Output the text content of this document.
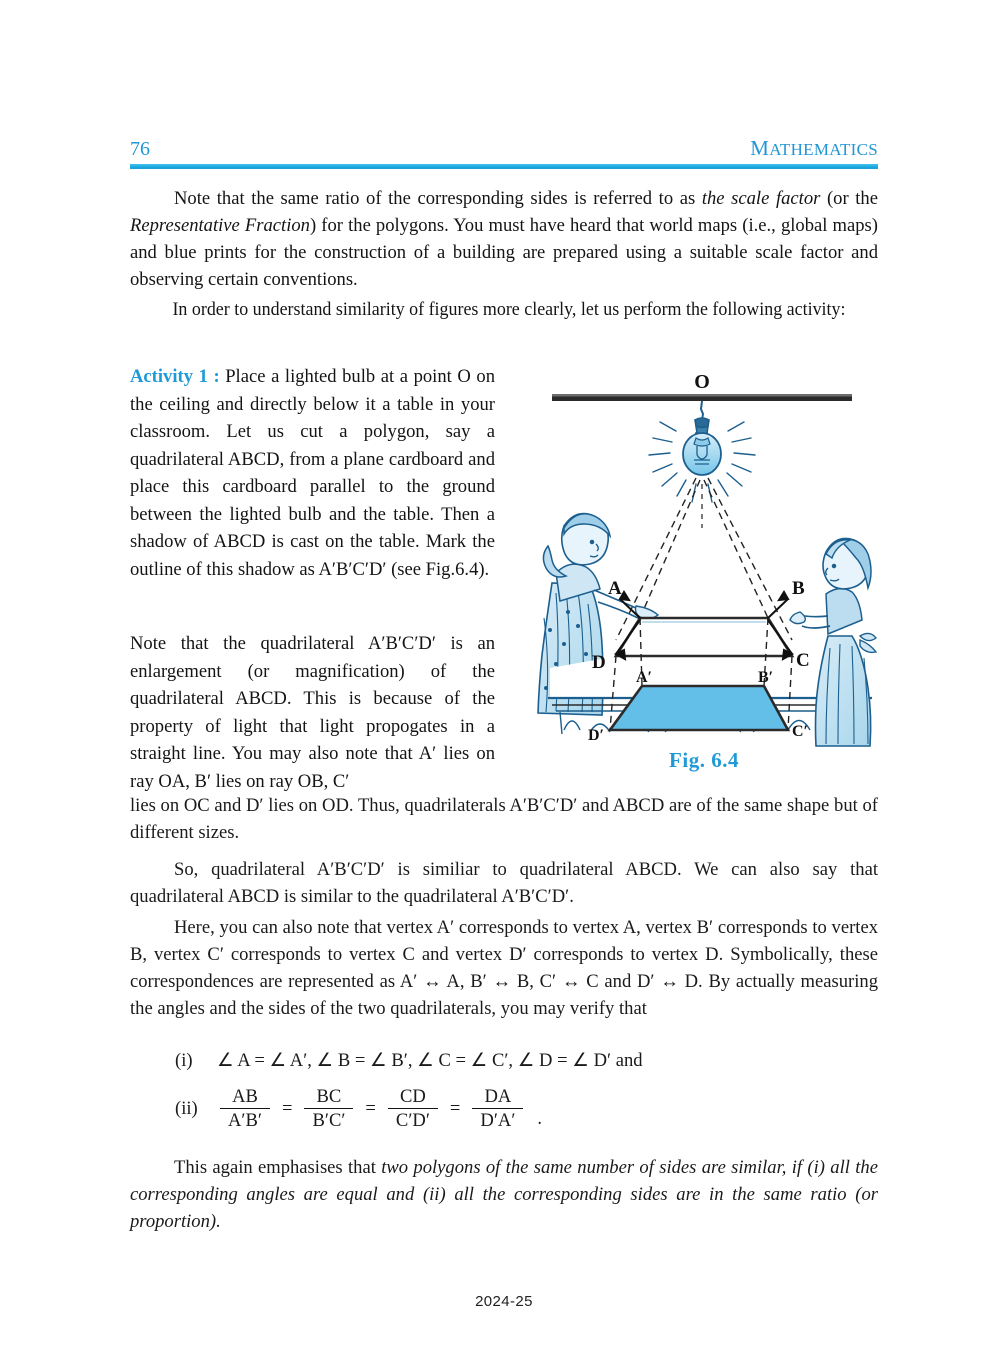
76	MATHEMATICS
Note that the same ratio of the corresponding sides is referred to as the scale factor (or the Representative Fraction) for the polygons. You must have heard that world maps (i.e., global maps) and blue prints for the construction of a building are prepared using a suitable scale factor and observing certain conventions.
In order to understand similarity of figures more clearly, let us perform the following activity:
Activity 1 : Place a lighted bulb at a point O on the ceiling and directly below it a table in your classroom. Let us cut a polygon, say a quadrilateral ABCD, from a plane cardboard and place this cardboard parallel to the ground between the lighted bulb and the table. Then a shadow of ABCD is cast on the table. Mark the outline of this shadow as A′B′C′D′ (see Fig.6.4).
Note that the quadrilateral A′B′C′D′ is an enlargement (or magnification) of the quadrilateral ABCD. This is because of the property of light that light propogates in a straight line. You may also note that A′ lies on ray OA, B′ lies on ray OB, C′
O
A	B
C
D
A′	B′
C′
D′
Fig. 6.4
lies on OC and D′ lies on OD. Thus, quadrilaterals A′B′C′D′ and ABCD are of the same shape but of different sizes.
So, quadrilateral A′B′C′D′ is similiar to quadrilateral ABCD. We can also say that quadrilateral ABCD is similar to the quadrilateral A′B′C′D′.
Here, you can also note that vertex A′ corresponds to vertex A, vertex B′ corresponds to vertex B, vertex C′ corresponds to vertex C and vertex D′ corresponds to vertex D. Symbolically, these correspondences are represented as A′ ↔ A, B′ ↔ B, C′ ↔ C and D′ ↔ D. By actually measuring the angles and the sides of the two quadrilaterals, you may verify that
(i)	∠ A = ∠ A′, ∠ B = ∠ B′, ∠ C = ∠ C′, ∠ D = ∠ D′ and
(ii)	$\frac{AB}{A'B'} = \frac{BC}{B'C'} = \frac{CD}{C'D'} = \frac{DA}{D'A'}$ .
This again emphasises that two polygons of the same number of sides are similar, if (i) all the corresponding angles are equal and (ii) all the corresponding sides are in the same ratio (or proportion).
2024-25
